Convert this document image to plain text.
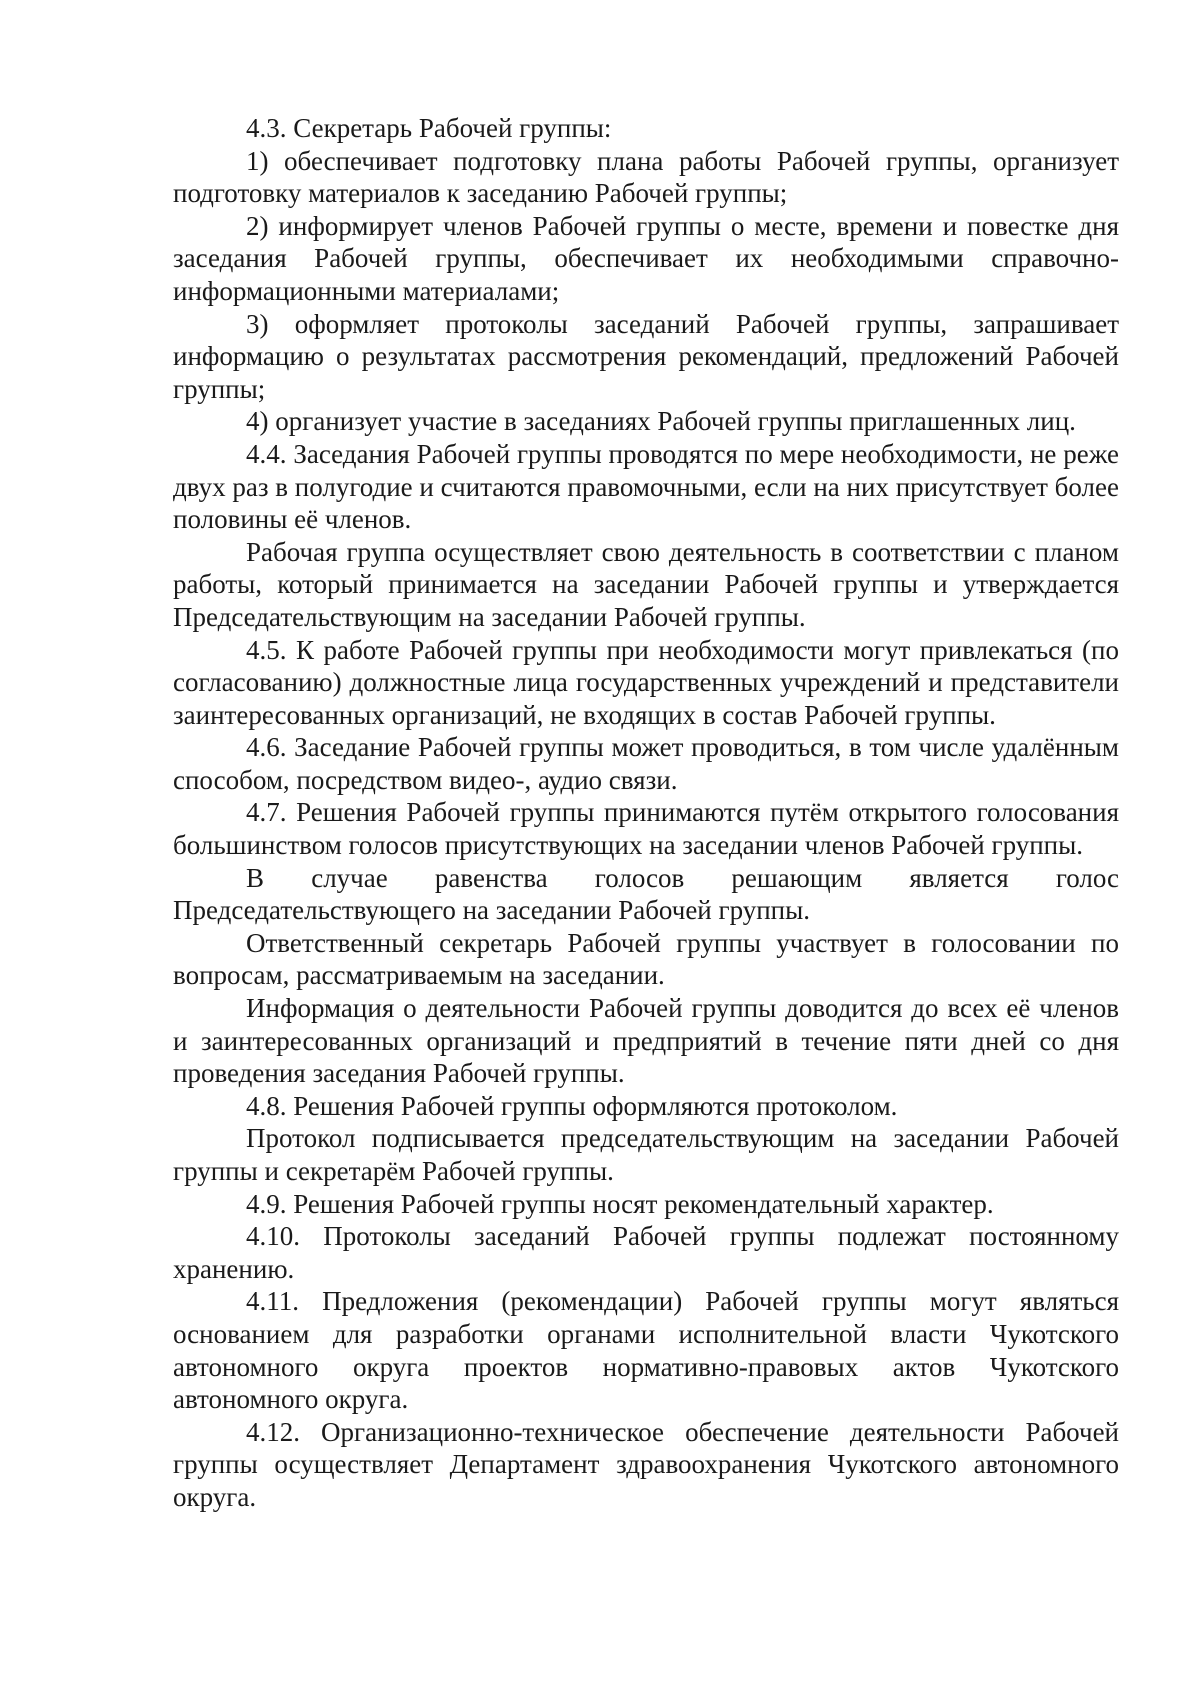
4.3. Секретарь Рабочей группы:

1) обеспечивает подготовку плана работы Рабочей группы, организует подготовку материалов к заседанию Рабочей группы;

2) информирует членов Рабочей группы о месте, времени и повестке дня заседания Рабочей группы, обеспечивает их необходимыми справочно-информационными материалами;

3) оформляет протоколы заседаний Рабочей группы, запрашивает информацию о результатах рассмотрения рекомендаций, предложений Рабочей группы;

4) организует участие в заседаниях Рабочей группы приглашенных лиц.

4.4. Заседания Рабочей группы проводятся по мере необходимости, не реже двух раз в полугодие и считаются правомочными, если на них присутствует более половины её членов.

Рабочая группа осуществляет свою деятельность в соответствии с планом работы, который принимается на заседании Рабочей группы и утверждается Председательствующим на заседании Рабочей группы.

4.5. К работе Рабочей группы при необходимости могут привлекаться (по согласованию) должностные лица государственных учреждений и представители заинтересованных организаций, не входящих в состав Рабочей группы.

4.6. Заседание Рабочей группы может проводиться, в том числе удалённым способом, посредством видео-, аудио связи.

4.7. Решения Рабочей группы принимаются путём открытого голосования большинством голосов присутствующих на заседании членов Рабочей группы.

В случае равенства голосов решающим является голос Председательствующего на заседании Рабочей группы.

Ответственный секретарь Рабочей группы участвует в голосовании по вопросам, рассматриваемым на заседании.

Информация о деятельности Рабочей группы доводится до всех её членов и заинтересованных организаций и предприятий в течение пяти дней со дня проведения заседания Рабочей группы.

4.8. Решения Рабочей группы оформляются протоколом.

Протокол подписывается председательствующим на заседании Рабочей группы и секретарём Рабочей группы.

4.9. Решения Рабочей группы носят рекомендательный характер.

4.10. Протоколы заседаний Рабочей группы подлежат постоянному хранению.

4.11. Предложения (рекомендации) Рабочей группы могут являться основанием для разработки органами исполнительной власти Чукотского автономного округа проектов нормативно-правовых актов Чукотского автономного округа.

4.12. Организационно-техническое обеспечение деятельности Рабочей группы осуществляет Департамент здравоохранения Чукотского автономного округа.
